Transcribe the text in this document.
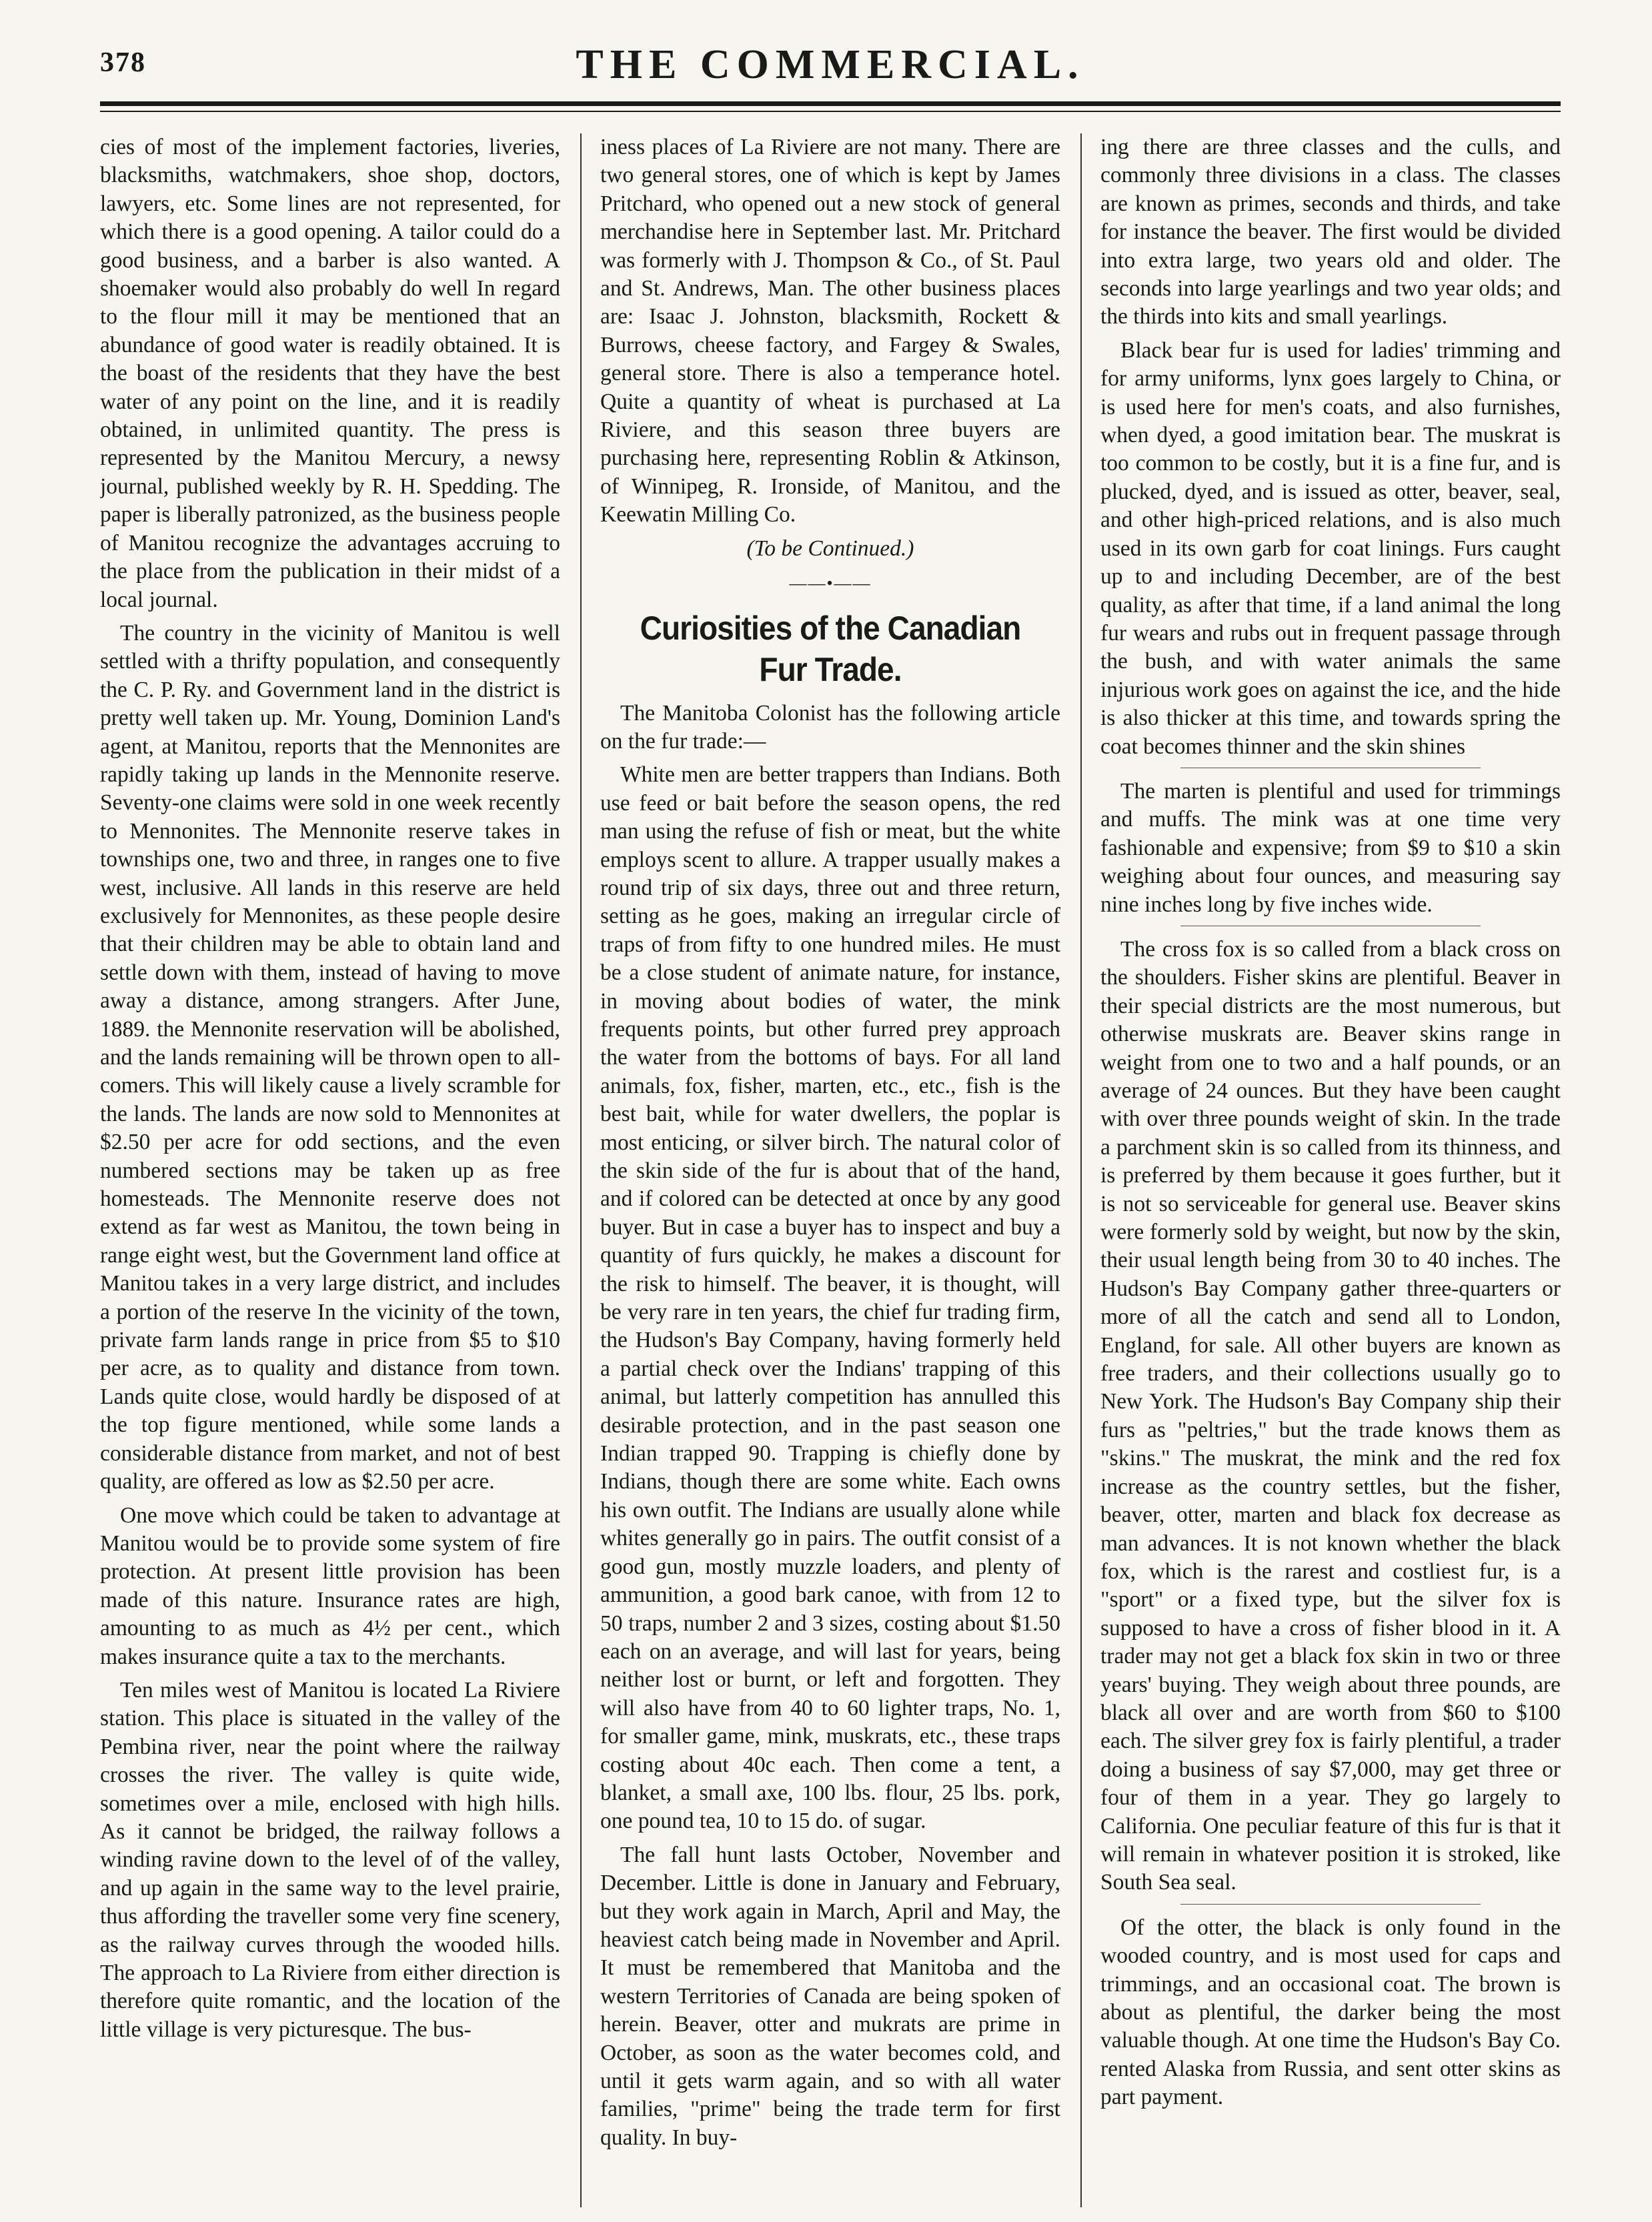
378	THE COMMERCIAL.

cies of most of the implement factories, liveries, blacksmiths, watchmakers, shoe shop, doctors, lawyers, etc. Some lines are not represented, for which there is a good opening. A tailor could do a good business, and a barber is also wanted. A shoemaker would also probably do well In regard to the flour mill it may be mentioned that an abundance of good water is readily obtained. It is the boast of the residents that they have the best water of any point on the line, and it is readily obtained, in unlimited quantity. The press is represented by the Manitou Mercury, a newsy journal, published weekly by R. H. Spedding. The paper is liberally patronized, as the business people of Manitou recognize the advantages accruing to the place from the publication in their midst of a local journal.

The country in the vicinity of Manitou is well settled with a thrifty population, and consequently the C. P. Ry. and Government land in the district is pretty well taken up. Mr. Young, Dominion Land's agent, at Manitou, reports that the Mennonites are rapidly taking up lands in the Mennonite reserve. Seventy-one claims were sold in one week recently to Mennonites. The Mennonite reserve takes in townships one, two and three, in ranges one to five west, inclusive. All lands in this reserve are held exclusively for Mennonites, as these people desire that their children may be able to obtain land and settle down with them, instead of having to move away a distance, among strangers. After June, 1889. the Mennonite reservation will be abolished, and the lands remaining will be thrown open to all-comers. This will likely cause a lively scramble for the lands. The lands are now sold to Mennonites at $2.50 per acre for odd sections, and the even numbered sections may be taken up as free homesteads. The Mennonite reserve does not extend as far west as Manitou, the town being in range eight west, but the Government land office at Manitou takes in a very large district, and includes a portion of the reserve In the vicinity of the town, private farm lands range in price from $5 to $10 per acre, as to quality and distance from town. Lands quite close, would hardly be disposed of at the top figure mentioned, while some lands a considerable distance from market, and not of best quality, are offered as low as $2.50 per acre.

One move which could be taken to advantage at Manitou would be to provide some system of fire protection. At present little provision has been made of this nature. Insurance rates are high, amounting to as much as 4½ per cent., which makes insurance quite a tax to the merchants.

Ten miles west of Manitou is located La Riviere station. This place is situated in the valley of the Pembina river, near the point where the railway crosses the river. The valley is quite wide, sometimes over a mile, enclosed with high hills. As it cannot be bridged, the railway follows a winding ravine down to the level of of the valley, and up again in the same way to the level prairie, thus affording the traveller some very fine scenery, as the railway curves through the wooded hills. The approach to La Riviere from either direction is therefore quite romantic, and the location of the little village is very picturesque. The bus-

iness places of La Riviere are not many. There are two general stores, one of which is kept by James Pritchard, who opened out a new stock of general merchandise here in September last. Mr. Pritchard was formerly with J. Thompson & Co., of St. Paul and St. Andrews, Man. The other business places are: Isaac J. Johnston, blacksmith, Rockett & Burrows, cheese factory, and Fargey & Swales, general store. There is also a temperance hotel. Quite a quantity of wheat is purchased at La Riviere, and this season three buyers are purchasing here, representing Roblin & Atkinson, of Winnipeg, R. Ironside, of Manitou, and the Keewatin Milling Co.

(To be Continued.)
——•——
Curiosities of the Canadian Fur Trade.

The Manitoba Colonist has the following article on the fur trade:—

White men are better trappers than Indians. Both use feed or bait before the season opens, the red man using the refuse of fish or meat, but the white employs scent to allure. A trapper usually makes a round trip of six days, three out and three return, setting as he goes, making an irregular circle of traps of from fifty to one hundred miles. He must be a close student of animate nature, for instance, in moving about bodies of water, the mink frequents points, but other furred prey approach the water from the bottoms of bays. For all land animals, fox, fisher, marten, etc., etc., fish is the best bait, while for water dwellers, the poplar is most enticing, or silver birch. The natural color of the skin side of the fur is about that of the hand, and if colored can be detected at once by any good buyer. But in case a buyer has to inspect and buy a quantity of furs quickly, he makes a discount for the risk to himself. The beaver, it is thought, will be very rare in ten years, the chief fur trading firm, the Hudson's Bay Company, having formerly held a partial check over the Indians' trapping of this animal, but latterly competition has annulled this desirable protection, and in the past season one Indian trapped 90. Trapping is chiefly done by Indians, though there are some white. Each owns his own outfit. The Indians are usually alone while whites generally go in pairs. The outfit consist of a good gun, mostly muzzle loaders, and plenty of ammunition, a good bark canoe, with from 12 to 50 traps, number 2 and 3 sizes, costing about $1.50 each on an average, and will last for years, being neither lost or burnt, or left and forgotten. They will also have from 40 to 60 lighter traps, No. 1, for smaller game, mink, muskrats, etc., these traps costing about 40c each. Then come a tent, a blanket, a small axe, 100 lbs. flour, 25 lbs. pork, one pound tea, 10 to 15 do. of sugar.

The fall hunt lasts October, November and December. Little is done in January and February, but they work again in March, April and May, the heaviest catch being made in November and April. It must be remembered that Manitoba and the western Territories of Canada are being spoken of herein. Beaver, otter and mukrats are prime in October, as soon as the water becomes cold, and until it gets warm again, and so with all water families, "prime" being the trade term for first quality. In buy-

ing there are three classes and the culls, and commonly three divisions in a class. The classes are known as primes, seconds and thirds, and take for instance the beaver. The first would be divided into extra large, two years old and older. The seconds into large yearlings and two year olds; and the thirds into kits and small yearlings.

Black bear fur is used for ladies' trimming and for army uniforms, lynx goes largely to China, or is used here for men's coats, and also furnishes, when dyed, a good imitation bear. The muskrat is too common to be costly, but it is a fine fur, and is plucked, dyed, and is issued as otter, beaver, seal, and other high-priced relations, and is also much used in its own garb for coat linings. Furs caught up to and including December, are of the best quality, as after that time, if a land animal the long fur wears and rubs out in frequent passage through the bush, and with water animals the same injurious work goes on against the ice, and the hide is also thicker at this time, and towards spring the coat becomes thinner and the skin shines

The marten is plentiful and used for trimmings and muffs. The mink was at one time very fashionable and expensive; from $9 to $10 a skin weighing about four ounces, and measuring say nine inches long by five inches wide.

The cross fox is so called from a black cross on the shoulders. Fisher skins are plentiful. Beaver in their special districts are the most numerous, but otherwise muskrats are. Beaver skins range in weight from one to two and a half pounds, or an average of 24 ounces. But they have been caught with over three pounds weight of skin. In the trade a parchment skin is so called from its thinness, and is preferred by them because it goes further, but it is not so serviceable for general use. Beaver skins were formerly sold by weight, but now by the skin, their usual length being from 30 to 40 inches. The Hudson's Bay Company gather three-quarters or more of all the catch and send all to London, England, for sale. All other buyers are known as free traders, and their collections usually go to New York. The Hudson's Bay Company ship their furs as "peltries," but the trade knows them as "skins." The muskrat, the mink and the red fox increase as the country settles, but the fisher, beaver, otter, marten and black fox decrease as man advances. It is not known whether the black fox, which is the rarest and costliest fur, is a "sport" or a fixed type, but the silver fox is supposed to have a cross of fisher blood in it. A trader may not get a black fox skin in two or three years' buying. They weigh about three pounds, are black all over and are worth from $60 to $100 each. The silver grey fox is fairly plentiful, a trader doing a business of say $7,000, may get three or four of them in a year. They go largely to California. One peculiar feature of this fur is that it will remain in whatever position it is stroked, like South Sea seal.

Of the otter, the black is only found in the wooded country, and is most used for caps and trimmings, and an occasional coat. The brown is about as plentiful, the darker being the most valuable though. At one time the Hudson's Bay Co. rented Alaska from Russia, and sent otter skins as part payment.
